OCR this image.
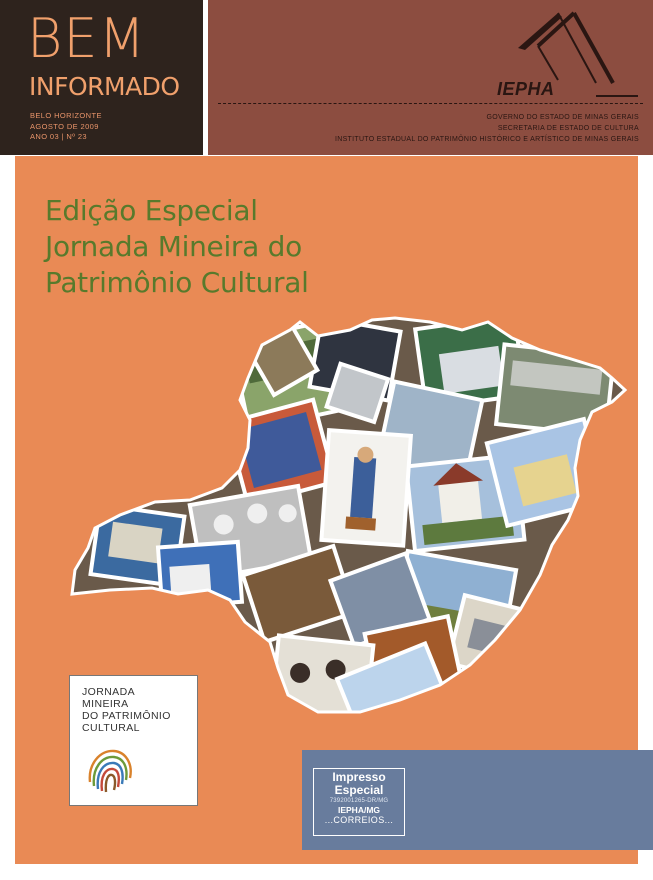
BEM
INFORMADO
BELO HORIZONTE
AGOSTO DE 2009
ANO 03 | Nº 23
IEPHA
GOVERNO DO ESTADO DE MINAS GERAIS
SECRETARIA DE ESTADO DE CULTURA
INSTITUTO ESTADUAL DO PATRIMÔNIO HISTÓRICO E ARTÍSTICO DE MINAS GERAIS
Edição Especial
Jornada Mineira do
Patrimônio Cultural
JORNADA
MINEIRA
DO PATRIMÔNIO
CULTURAL
Impresso
Especial
7392001265-DR/MG
IEPHA/MG
...CORREIOS...
